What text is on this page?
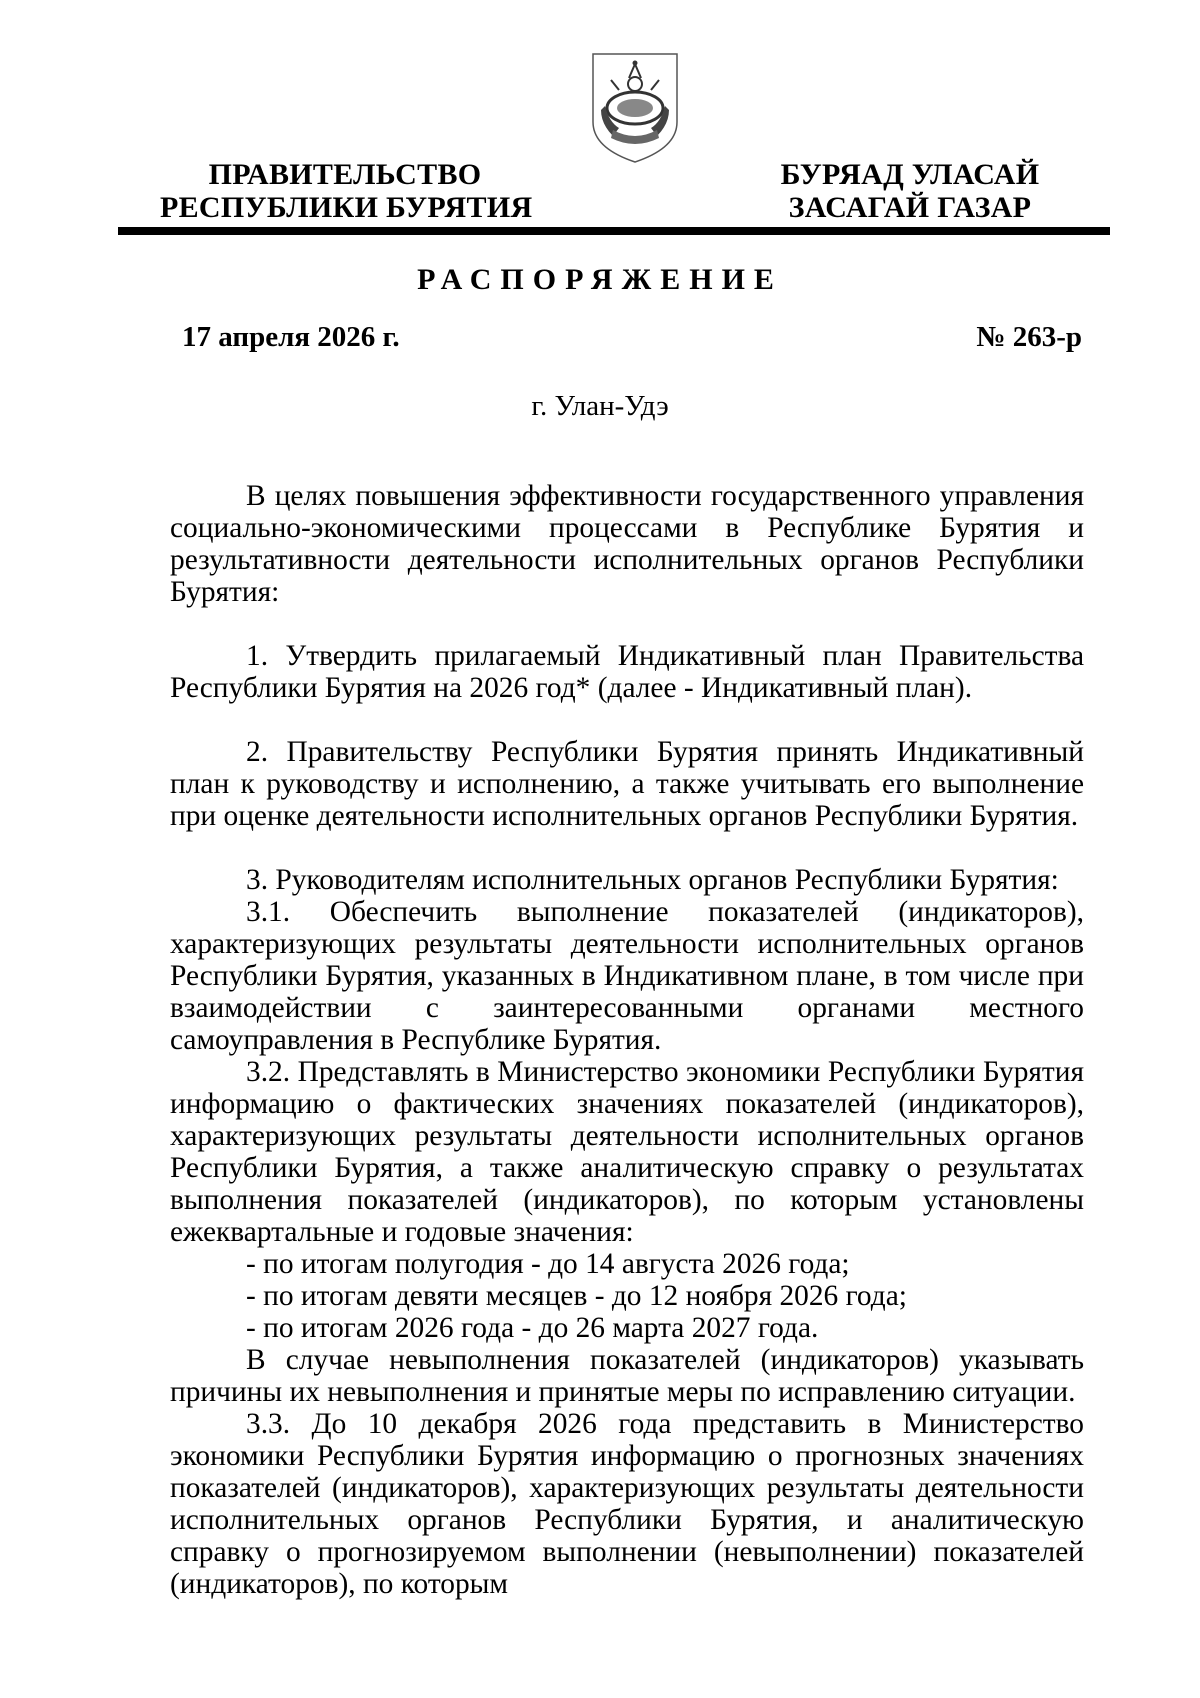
ПРАВИТЕЛЬСТВО
РЕСПУБЛИКИ БУРЯТИЯ
БУРЯАД УЛАСАЙ
ЗАСАГАЙ ГАЗАР
РАСПОРЯЖЕНИЕ
17 апреля 2026 г.	№ 263-р
г. Улан-Удэ

В целях повышения эффективности государственного управления социально-экономическими процессами в Республике Бурятия и результативности деятельности исполнительных органов Республики Бурятия:

1. Утвердить прилагаемый Индикативный план Правительства Республики Бурятия на 2026 год* (далее - Индикативный план).

2. Правительству Республики Бурятия принять Индикативный план к руководству и исполнению, а также учитывать его выполнение при оценке деятельности исполнительных органов Республики Бурятия.

3. Руководителям исполнительных органов Республики Бурятия:

3.1. Обеспечить выполнение показателей (индикаторов), характеризующих результаты деятельности исполнительных органов Республики Бурятия, указанных в Индикативном плане, в том числе при взаимодействии с заинтересованными органами местного самоуправления в Республике Бурятия.

3.2. Представлять в Министерство экономики Республики Бурятия информацию о фактических значениях показателей (индикаторов), характеризующих результаты деятельности исполнительных органов Республики Бурятия, а также аналитическую справку о результатах выполнения показателей (индикаторов), по которым установлены ежеквартальные и годовые значения:

- по итогам полугодия - до 14 августа 2026 года;

- по итогам девяти месяцев - до 12 ноября 2026 года;

- по итогам 2026 года - до 26 марта 2027 года.

В случае невыполнения показателей (индикаторов) указывать причины их невыполнения и принятые меры по исправлению ситуации.

3.3. До 10 декабря 2026 года представить в Министерство экономики Республики Бурятия информацию о прогнозных значениях показателей (индикаторов), характеризующих результаты деятельности исполнительных органов Республики Бурятия, и аналитическую справку о прогнозируемом выполнении (невыполнении) показателей (индикаторов), по которым
